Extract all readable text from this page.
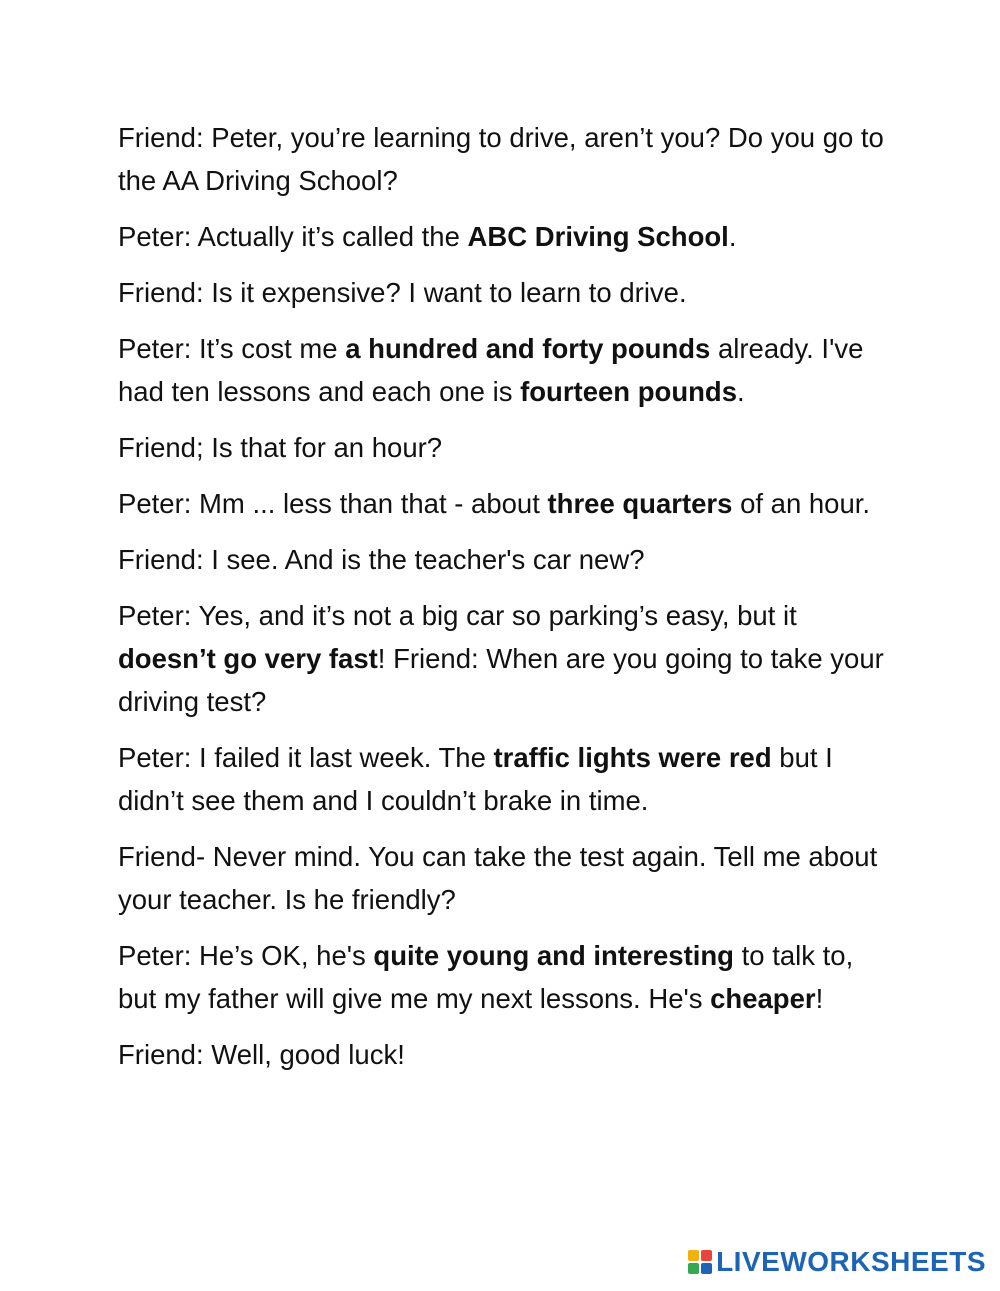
Friend: Peter, you’re learning to drive, aren’t you? Do you go to the AA Driving School?

Peter: Actually it’s called the ABC Driving School.

Friend: Is it expensive? I want to learn to drive.

Peter: It’s cost me a hundred and forty pounds already. I've had ten lessons and each one is fourteen pounds.

Friend; Is that for an hour?

Peter: Mm ... less than that - about three quarters of an hour.

Friend: I see. And is the teacher's car new?

Peter: Yes, and it’s not a big car so parking’s easy, but it doesn’t go very fast! Friend: When are you going to take your driving test?

Peter: I failed it last week. The traffic lights were red but I didn’t see them and I couldn’t brake in time.

Friend- Never mind. You can take the test again. Tell me about your teacher. Is he friendly?

Peter: He’s OK, he's quite young and interesting to talk to, but my father will give me my next lessons. He's cheaper!

Friend: Well, good luck!

LIVEWORKSHEETS
